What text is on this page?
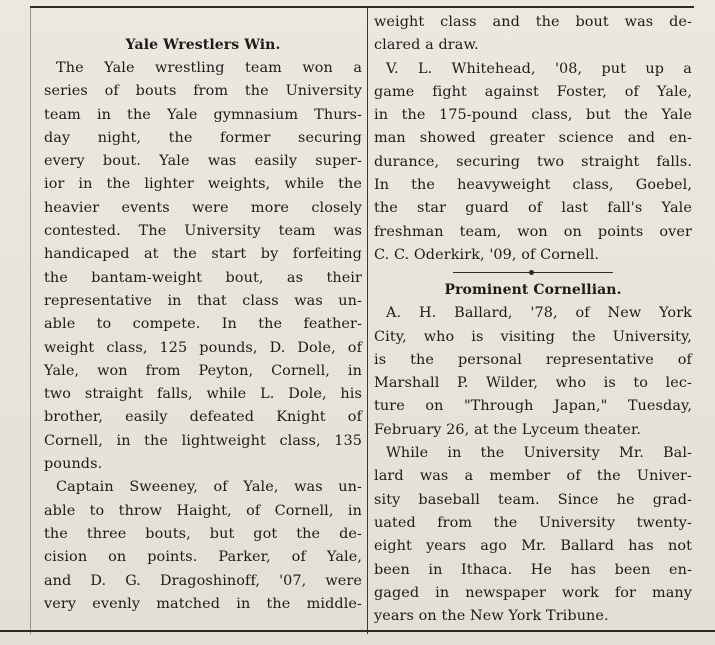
Yale Wrestlers Win.
The Yale wrestling team won a
series of bouts from the University
team in the Yale gymnasium Thurs-
day night, the former securing
every bout. Yale was easily super-
ior in the lighter weights, while the
heavier events were more closely
contested. The University team was
handicaped at the start by forfeiting
the bantam-weight bout, as their
representative in that class was un-
able to compete. In the feather-
weight class, 125 pounds, D. Dole, of
Yale, won from Peyton, Cornell, in
two straight falls, while L. Dole, his
brother, easily defeated Knight of
Cornell, in the lightweight class, 135
pounds.
Captain Sweeney, of Yale, was un-
able to throw Haight, of Cornell, in
the three bouts, but got the de-
cision on points. Parker, of Yale,
and D. G. Dragoshinoff, '07, were
very evenly matched in the middle-
weight class and the bout was de-
clared a draw.
V. L. Whitehead, '08, put up a
game fight against Foster, of Yale,
in the 175-pound class, but the Yale
man showed greater science and en-
durance, securing two straight falls.
In the heavyweight class, Goebel,
the star guard of last fall's Yale
freshman team, won on points over
C. C. Oderkirk, '09, of Cornell.
Prominent Cornellian.
A. H. Ballard, '78, of New York
City, who is visiting the University,
is the personal representative of
Marshall P. Wilder, who is to lec-
ture on "Through Japan," Tuesday,
February 26, at the Lyceum theater.
While in the University Mr. Bal-
lard was a member of the Univer-
sity baseball team. Since he grad-
uated from the University twenty-
eight years ago Mr. Ballard has not
been in Ithaca. He has been en-
gaged in newspaper work for many
years on the New York Tribune.
